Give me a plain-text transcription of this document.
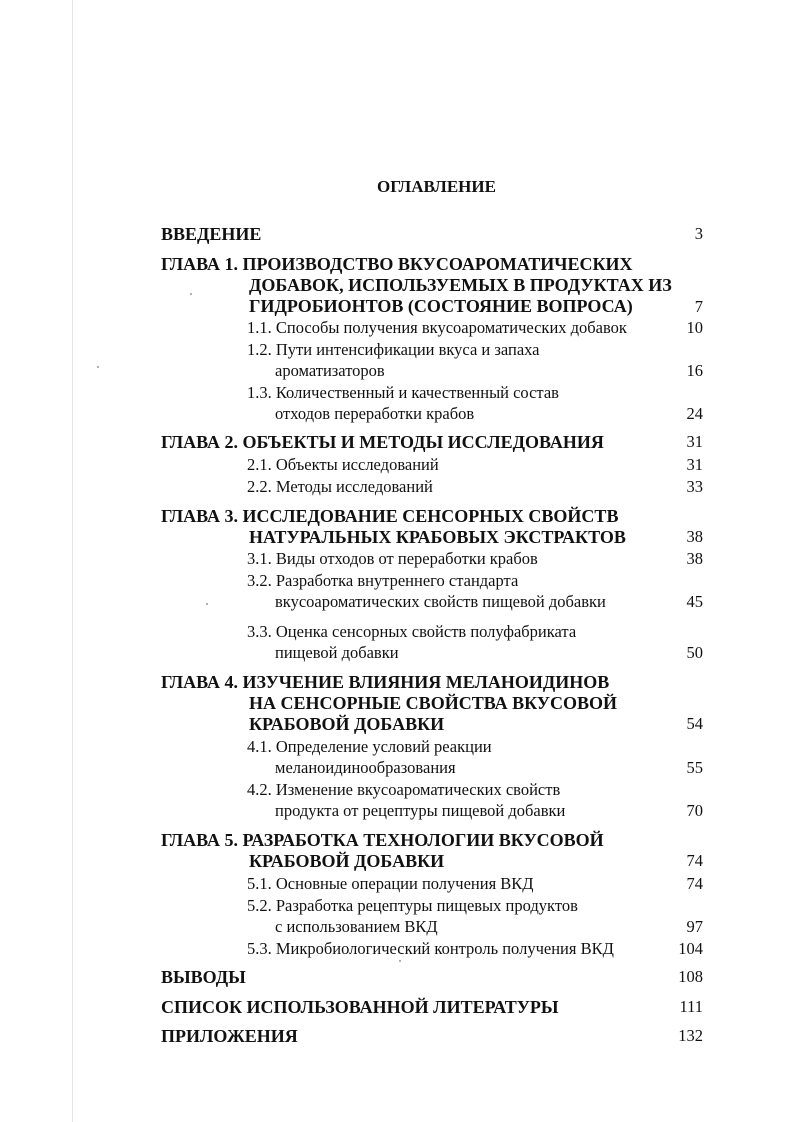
ОГЛАВЛЕНИЕ
ВВЕДЕНИЕ	3
ГЛАВА 1. ПРОИЗВОДСТВО ВКУСОАРОМАТИЧЕСКИХ
ДОБАВОК, ИСПОЛЬЗУЕМЫХ В ПРОДУКТАХ ИЗ
ГИДРОБИОНТОВ (СОСТОЯНИЕ ВОПРОСА)	7
1.1. Способы получения вкусоароматических добавок	10
1.2. Пути интенсификации вкуса и запаха
ароматизаторов	16
1.3. Количественный и качественный состав
отходов переработки крабов	24
ГЛАВА 2. ОБЪЕКТЫ И МЕТОДЫ ИССЛЕДОВАНИЯ	31
2.1. Объекты исследований	31
2.2. Методы исследований	33
ГЛАВА 3. ИССЛЕДОВАНИЕ СЕНСОРНЫХ СВОЙСТВ
НАТУРАЛЬНЫХ КРАБОВЫХ ЭКСТРАКТОВ	38
3.1. Виды отходов от переработки крабов	38
3.2. Разработка внутреннего стандарта
вкусоароматических свойств пищевой добавки	45
3.3. Оценка сенсорных свойств полуфабриката
пищевой добавки	50
ГЛАВА 4. ИЗУЧЕНИЕ ВЛИЯНИЯ МЕЛАНОИДИНОВ
НА СЕНСОРНЫЕ СВОЙСТВА ВКУСОВОЙ
КРАБОВОЙ ДОБАВКИ	54
4.1. Определение условий реакции
меланоидинообразования	55
4.2. Изменение вкусоароматических свойств
продукта от рецептуры пищевой добавки	70
ГЛАВА 5. РАЗРАБОТКА ТЕХНОЛОГИИ ВКУСОВОЙ
КРАБОВОЙ ДОБАВКИ	74
5.1. Основные операции получения ВКД	74
5.2. Разработка рецептуры пищевых продуктов
с использованием ВКД	97
5.3. Микробиологический контроль получения ВКД	104
ВЫВОДЫ	108
СПИСОК ИСПОЛЬЗОВАННОЙ ЛИТЕРАТУРЫ	111
ПРИЛОЖЕНИЯ	132
